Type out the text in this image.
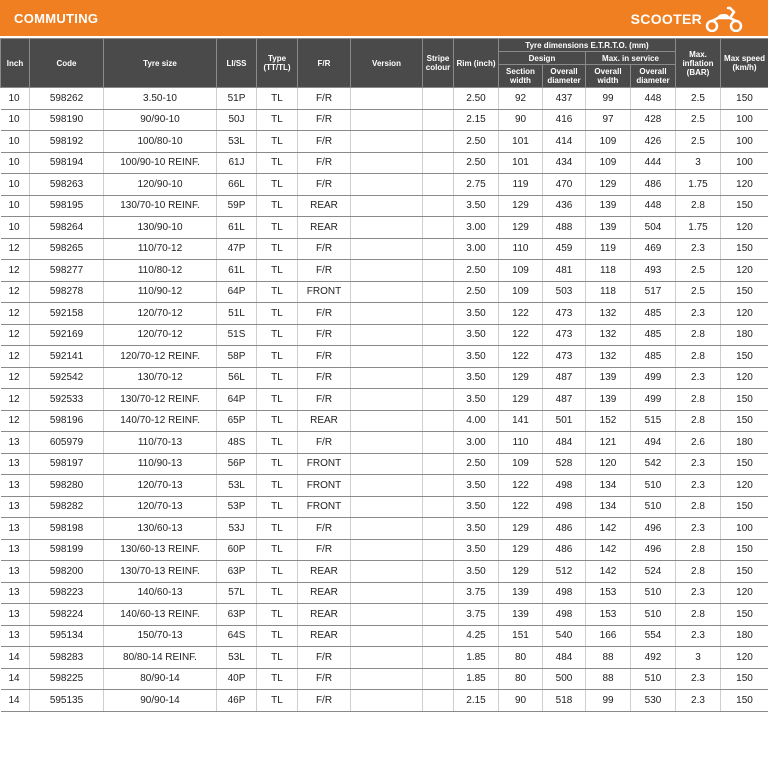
COMMUTING	SCOOTER
Inch	Code	Tyre size	LI/SS	Type (TT/TL)	F/R	Version	Stripe colour	Rim (inch)	Tyre dimensions E.T.R.T.O. (mm)				Max. inflation (BAR)	Max speed (km/h)
									Design		Max. in service			
									Section width	Overall diameter	Overall width	Overall diameter		
10	598262	3.50-10	51P	TL	F/R			2.50	92	437	99	448	2.5	150
10	598190	90/90-10	50J	TL	F/R			2.15	90	416	97	428	2.5	100
10	598192	100/80-10	53L	TL	F/R			2.50	101	414	109	426	2.5	100
10	598194	100/90-10 REINF.	61J	TL	F/R			2.50	101	434	109	444	3	100
10	598263	120/90-10	66L	TL	F/R			2.75	119	470	129	486	1.75	120
10	598195	130/70-10 REINF.	59P	TL	REAR			3.50	129	436	139	448	2.8	150
10	598264	130/90-10	61L	TL	REAR			3.00	129	488	139	504	1.75	120
12	598265	110/70-12	47P	TL	F/R			3.00	110	459	119	469	2.3	150
12	598277	110/80-12	61L	TL	F/R			2.50	109	481	118	493	2.5	120
12	598278	110/90-12	64P	TL	FRONT			2.50	109	503	118	517	2.5	150
12	592158	120/70-12	51L	TL	F/R			3.50	122	473	132	485	2.3	120
12	592169	120/70-12	51S	TL	F/R			3.50	122	473	132	485	2.8	180
12	592141	120/70-12 REINF.	58P	TL	F/R			3.50	122	473	132	485	2.8	150
12	592542	130/70-12	56L	TL	F/R			3.50	129	487	139	499	2.3	120
12	592533	130/70-12 REINF.	64P	TL	F/R			3.50	129	487	139	499	2.8	150
12	598196	140/70-12 REINF.	65P	TL	REAR			4.00	141	501	152	515	2.8	150
13	605979	110/70-13	48S	TL	F/R			3.00	110	484	121	494	2.6	180
13	598197	110/90-13	56P	TL	FRONT			2.50	109	528	120	542	2.3	150
13	598280	120/70-13	53L	TL	FRONT			3.50	122	498	134	510	2.3	120
13	598282	120/70-13	53P	TL	FRONT			3.50	122	498	134	510	2.8	150
13	598198	130/60-13	53J	TL	F/R			3.50	129	486	142	496	2.3	100
13	598199	130/60-13 REINF.	60P	TL	F/R			3.50	129	486	142	496	2.8	150
13	598200	130/70-13 REINF.	63P	TL	REAR			3.50	129	512	142	524	2.8	150
13	598223	140/60-13	57L	TL	REAR			3.75	139	498	153	510	2.3	120
13	598224	140/60-13 REINF.	63P	TL	REAR			3.75	139	498	153	510	2.8	150
13	595134	150/70-13	64S	TL	REAR			4.25	151	540	166	554	2.3	180
14	598283	80/80-14 REINF.	53L	TL	F/R			1.85	80	484	88	492	3	120
14	598225	80/90-14	40P	TL	F/R			1.85	80	500	88	510	2.3	150
14	595135	90/90-14	46P	TL	F/R			2.15	90	518	99	530	2.3	150
